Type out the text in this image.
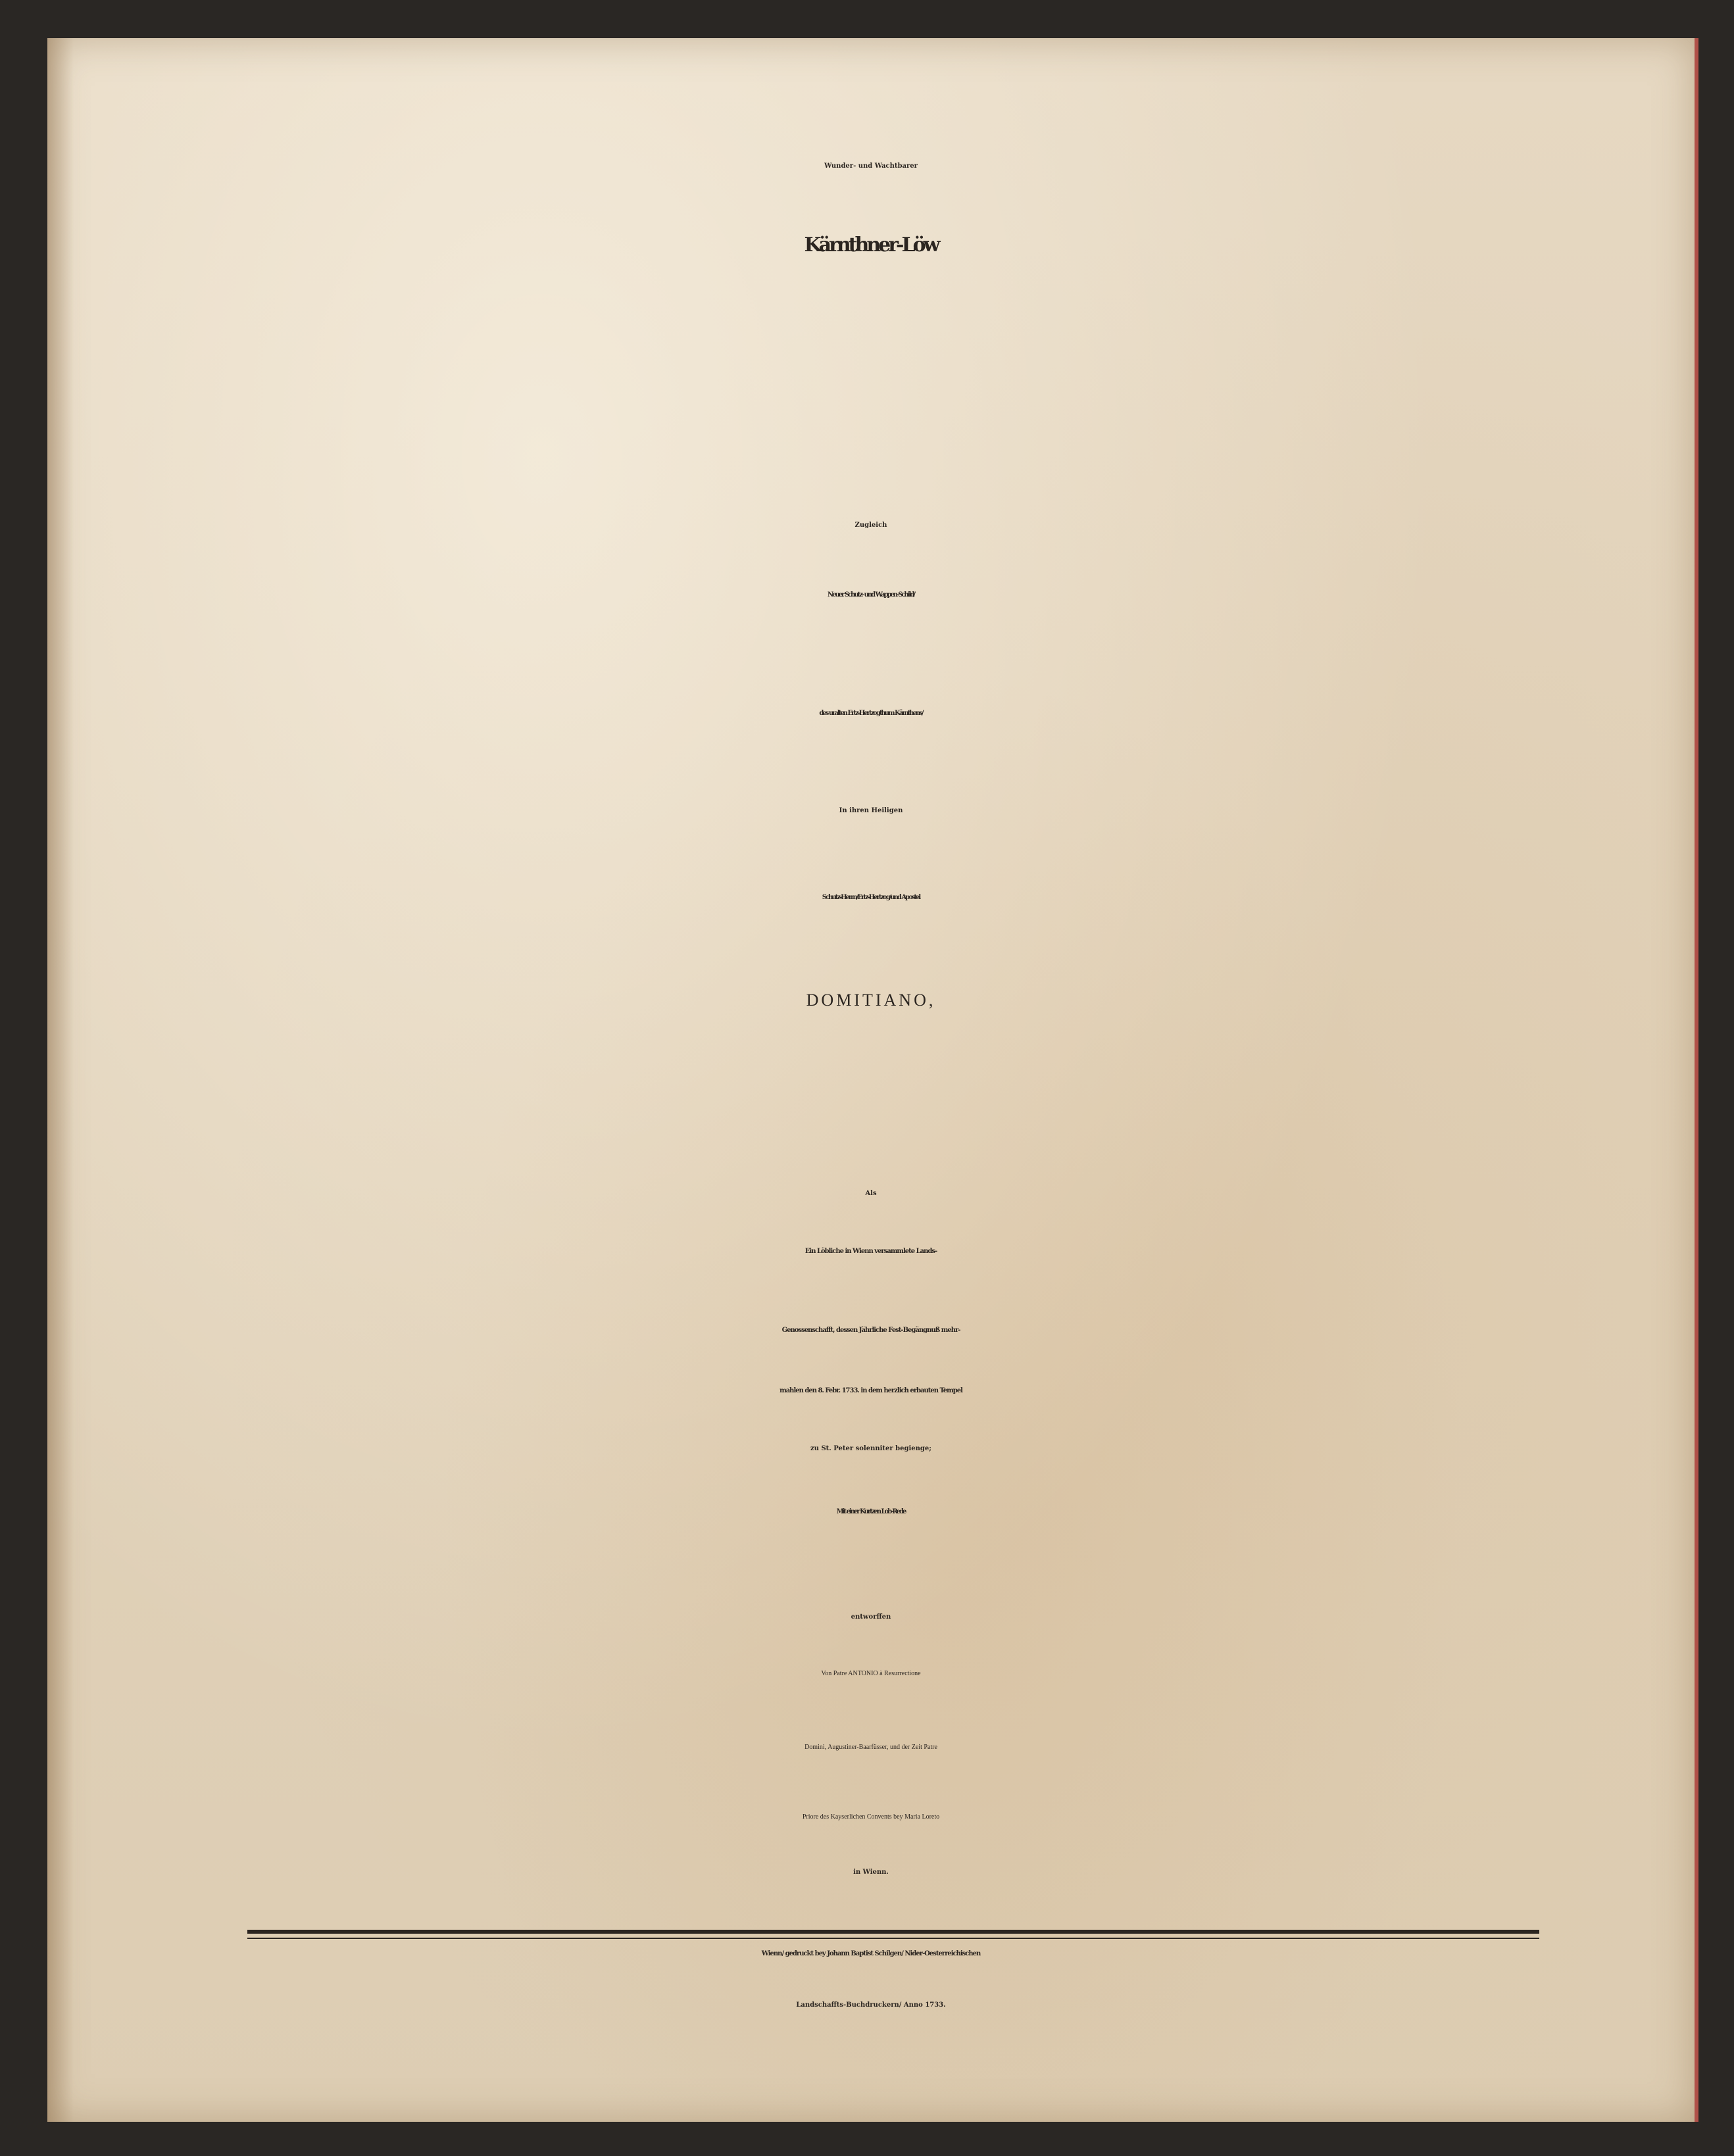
Wunder- und Wachtbarer
Kärnthner-Löw
Zugleich
Neuer Schutz- und Wappen-Schild/
des uralten Ertz-Hertzogthum Kärnthens/
In ihren Heiligen
Schutz-Herrn/Ertz-Hertzog/und Apostel
DOMITIANO,
Als
Ein Löbliche in Wienn versammlete Lands-
Genossenschafft, dessen Jährliche Fest-Begängnuß mehr-
mahlen den 8. Febr. 1733. in dem herzlich erbauten Tempel
zu St. Peter solenniter begienge;
Mit einer Kurtzen Lob-Rede
entworffen
Von Patre ANTONIO à Resurrectione
Domini, Augustiner-Baarfüsser, und der Zeit Patre
Priore des Kayserlichen Convents bey Maria Loreto
in Wienn.
Wienn/ gedruckt bey Johann Baptist Schilgen/ Nider-Oesterreichischen
Landschaffts-Buchdruckern/ Anno 1733.
